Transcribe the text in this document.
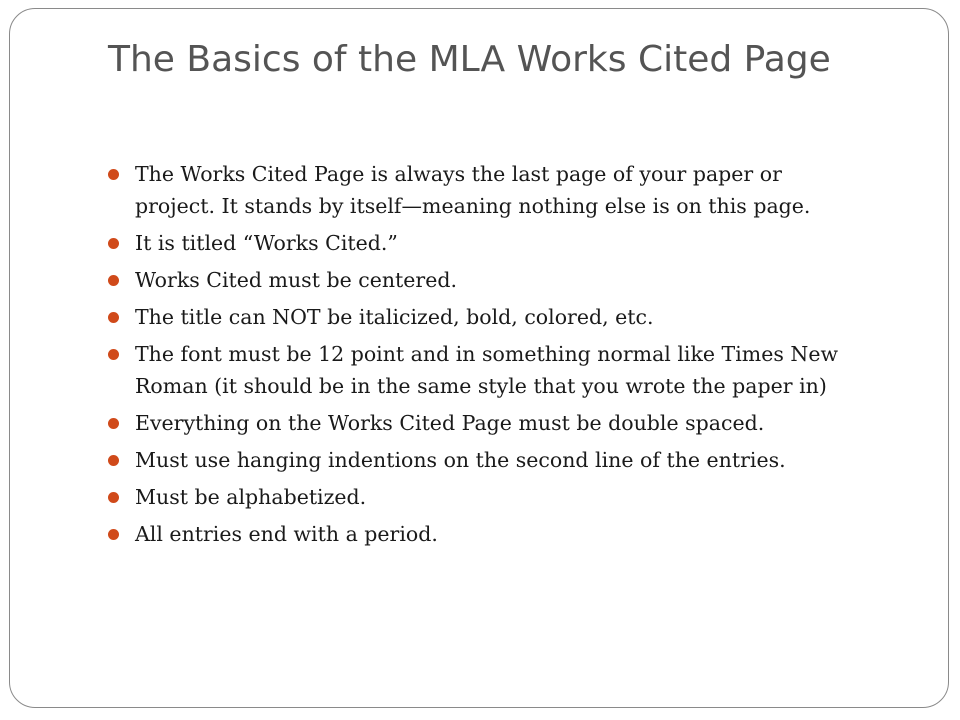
The Basics of the MLA Works Cited Page
The Works Cited Page is always the last page of your paper or project. It stands by itself—meaning nothing else is on this page.
It is titled “Works Cited.”
Works Cited must be centered.
The title can NOT be italicized, bold, colored, etc.
The font must be 12 point and in something normal like Times New Roman (it should be in the same style that you wrote the paper in)
Everything on the Works Cited Page must be double spaced.
Must use hanging indentions on the second line of the entries.
Must be alphabetized.
All entries end with a period.
